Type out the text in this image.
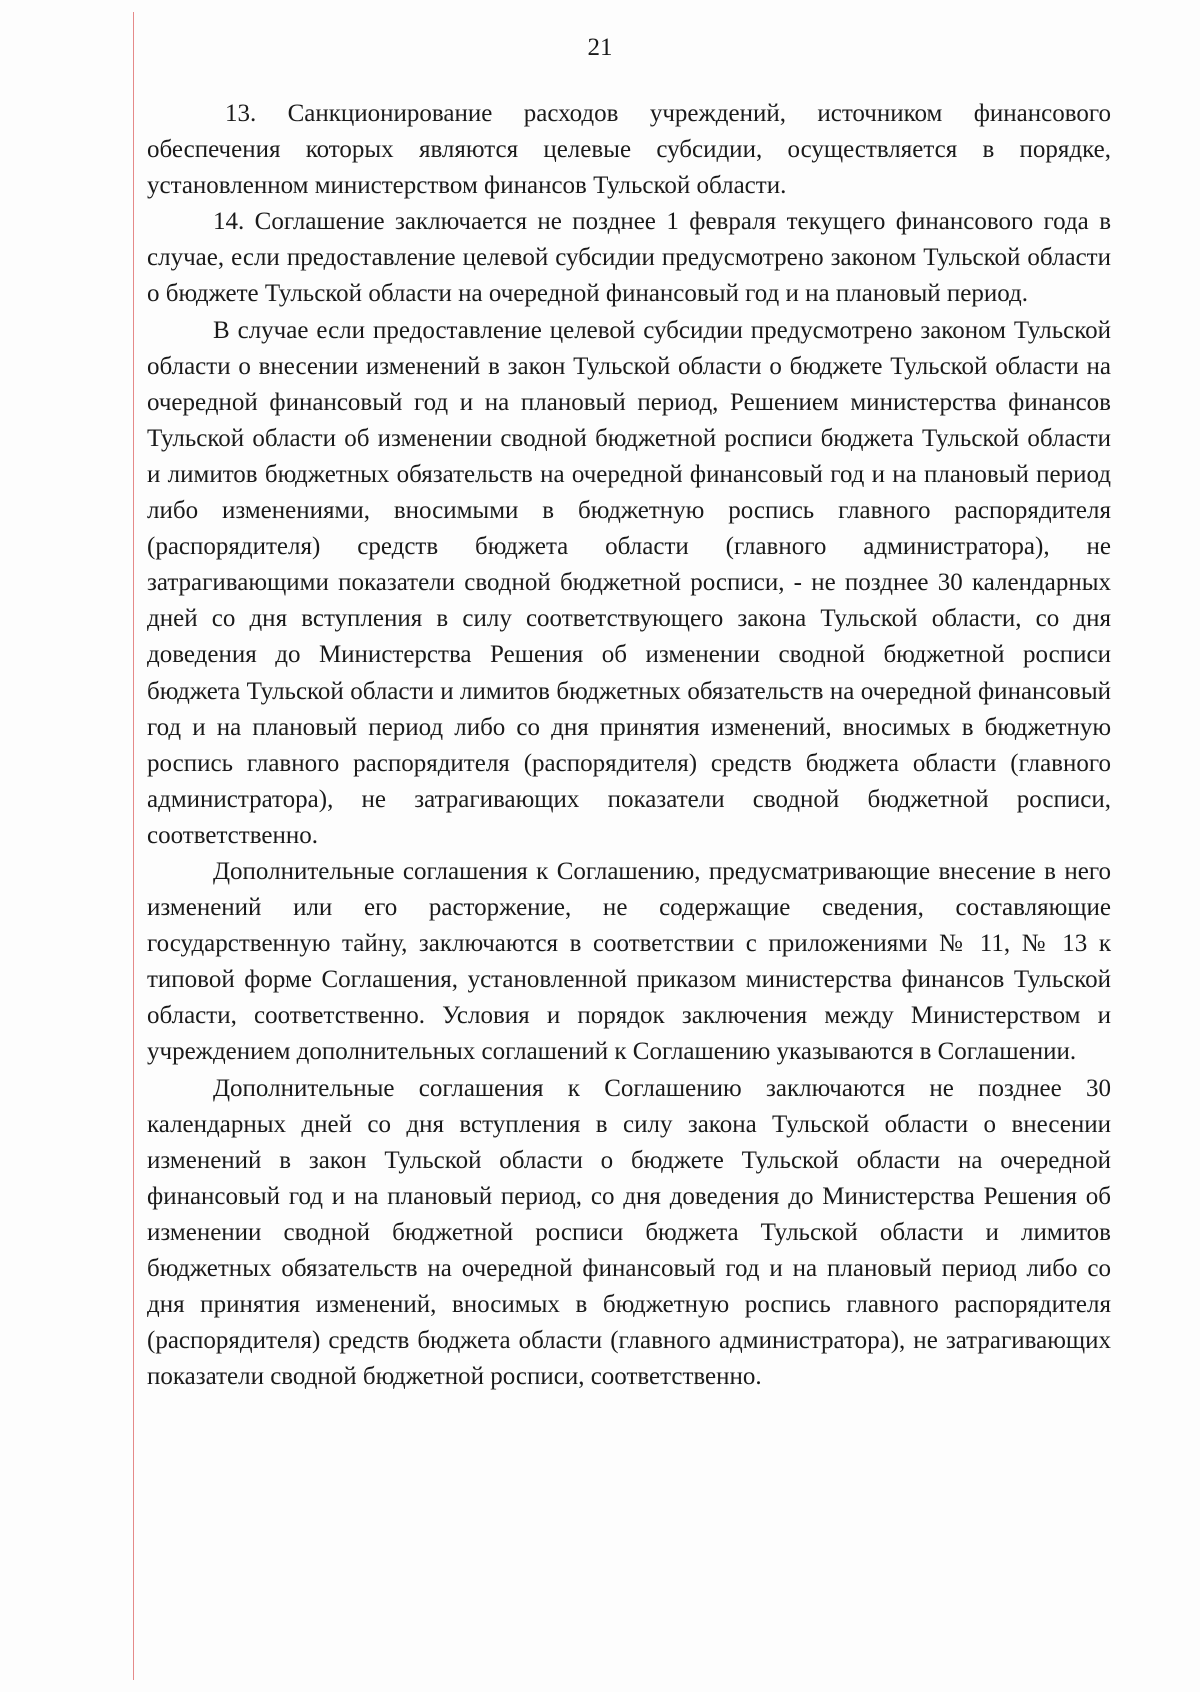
21

13. Санкционирование расходов учреждений, источником финансового обеспечения которых являются целевые субсидии, осуществляется в порядке, установленном министерством финансов Тульской области.

14. Соглашение заключается не позднее 1 февраля текущего финансового года в случае, если предоставление целевой субсидии предусмотрено законом Тульской области о бюджете Тульской области на очередной финансовый год и на плановый период.

В случае если предоставление целевой субсидии предусмотрено законом Тульской области о внесении изменений в закон Тульской области о бюджете Тульской области на очередной финансовый год и на плановый период, Решением министерства финансов Тульской области об изменении сводной бюджетной росписи бюджета Тульской области и лимитов бюджетных обязательств на очередной финансовый год и на плановый период либо изменениями, вносимыми в бюджетную роспись главного распорядителя (распорядителя) средств бюджета области (главного администратора), не затрагивающими показатели сводной бюджетной росписи, - не позднее 30 календарных дней со дня вступления в силу соответствующего закона Тульской области, со дня доведения до Министерства Решения об изменении сводной бюджетной росписи бюджета Тульской области и лимитов бюджетных обязательств на очередной финансовый год и на плановый период либо со дня принятия изменений, вносимых в бюджетную роспись главного распорядителя (распорядителя) средств бюджета области (главного администратора), не затрагивающих показатели сводной бюджетной росписи, соответственно.

Дополнительные соглашения к Соглашению, предусматривающие внесение в него изменений или его расторжение, не содержащие сведения, составляющие государственную тайну, заключаются в соответствии с приложениями № 11, № 13 к типовой форме Соглашения, установленной приказом министерства финансов Тульской области, соответственно. Условия и порядок заключения между Министерством и учреждением дополнительных соглашений к Соглашению указываются в Соглашении.

Дополнительные соглашения к Соглашению заключаются не позднее 30 календарных дней со дня вступления в силу закона Тульской области о внесении изменений в закон Тульской области о бюджете Тульской области на очередной финансовый год и на плановый период, со дня доведения до Министерства Решения об изменении сводной бюджетной росписи бюджета Тульской области и лимитов бюджетных обязательств на очередной финансовый год и на плановый период либо со дня принятия изменений, вносимых в бюджетную роспись главного распорядителя (распорядителя) средств бюджета области (главного администратора), не затрагивающих показатели сводной бюджетной росписи, соответственно.
